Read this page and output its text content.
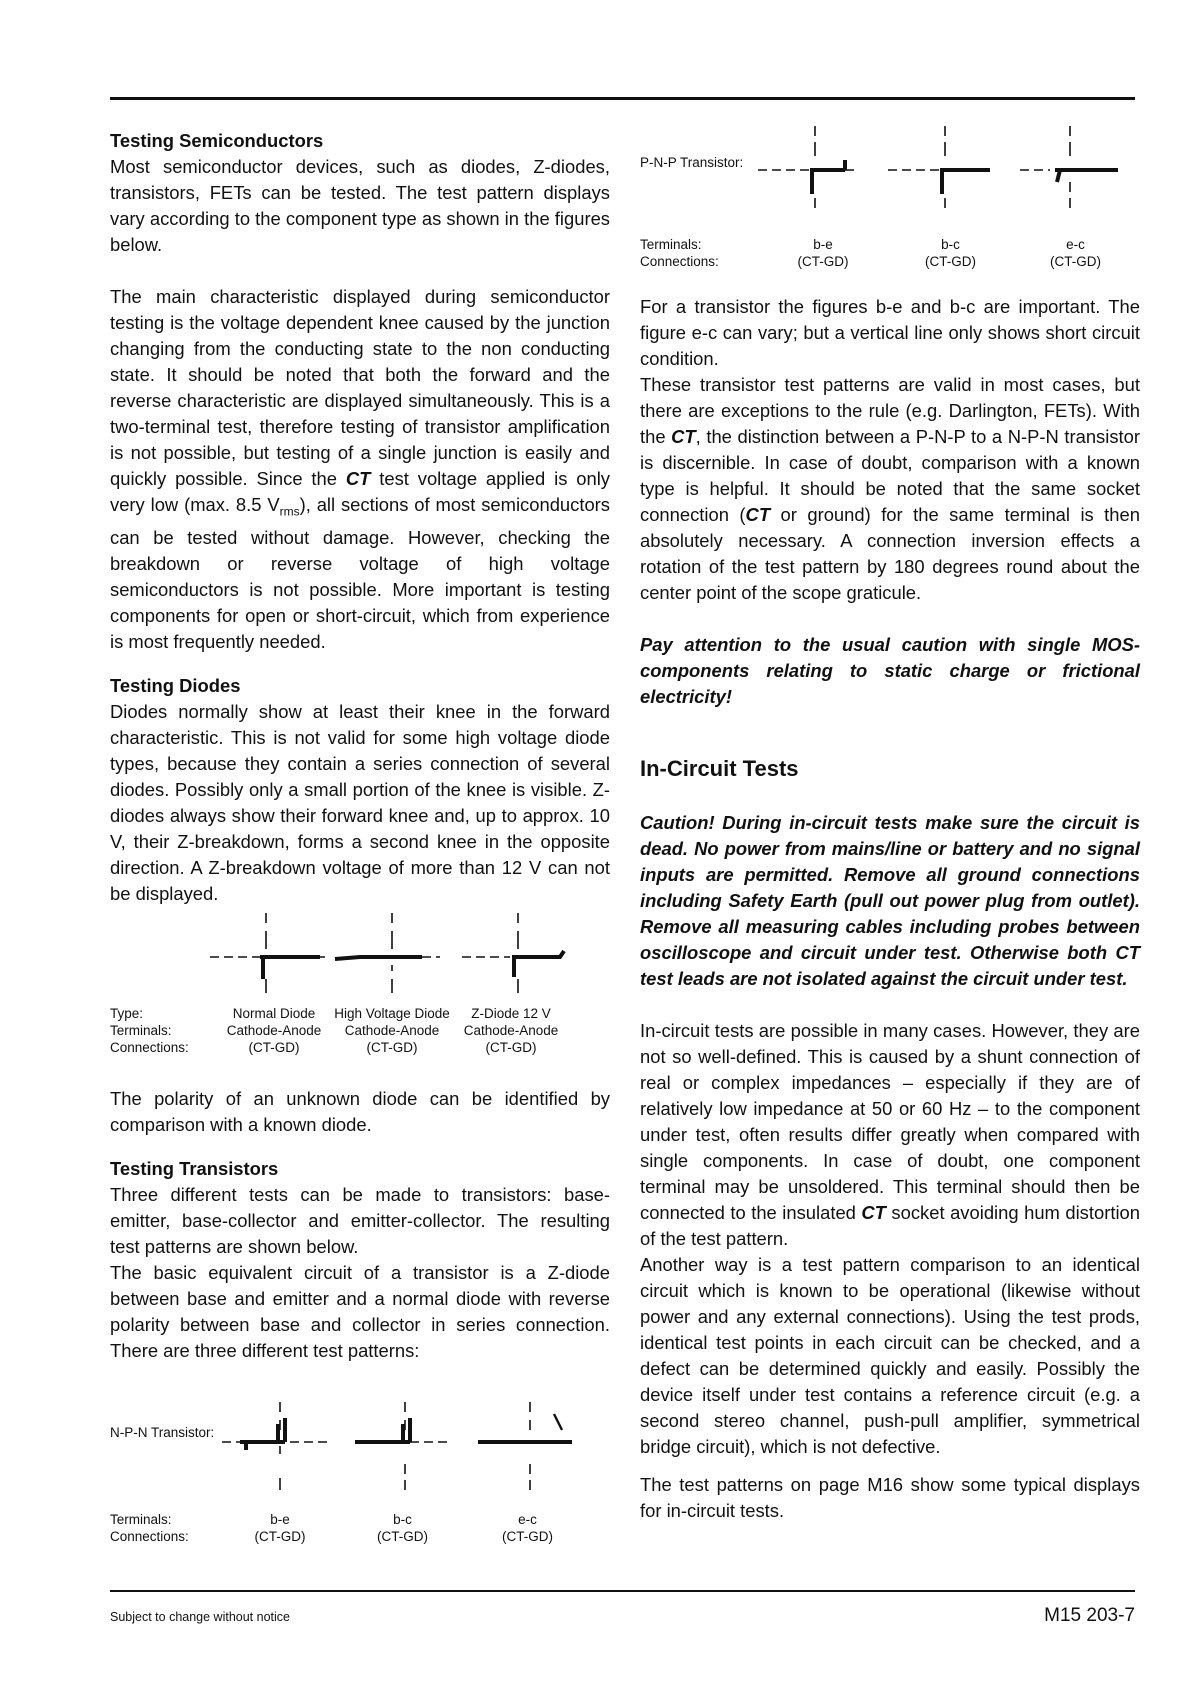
Testing Semiconductors

Most semiconductor devices, such as diodes, Z-diodes, transistors, FETs can be tested. The test pattern displays vary according to the component type as shown in the figures below.

The main characteristic displayed during semiconductor testing is the voltage dependent knee caused by the junction changing from the conducting state to the non conducting state. It should be noted that both the forward and the reverse characteristic are displayed simultaneously. This is a two-terminal test, therefore testing of transistor amplification is not possible, but testing of a single junction is easily and quickly possible. Since the CT test voltage applied is only very low (max. 8.5 $V_{rms}$), all sections of most semiconductors can be tested without damage. However, checking the breakdown or reverse voltage of high voltage semiconductors is not possible. More important is testing components for open or short-circuit, which from experience is most frequently needed.

Testing Diodes

Diodes normally show at least their knee in the forward characteristic. This is not valid for some high voltage diode types, because they contain a series connection of several diodes. Possibly only a small portion of the knee is visible. Z-diodes always show their forward knee and, up to approx. 10 V, their Z-breakdown, forms a second knee in the opposite direction. A Z-breakdown voltage of more than 12 V can not be displayed.

Type:	Normal Diode	High Voltage Diode	Z-Diode 12 V
Terminals:	Cathode-Anode	Cathode-Anode	Cathode-Anode
Connections:	(CT-GD)	(CT-GD)	(CT-GD)

The polarity of an unknown diode can be identified by comparison with a known diode.

Testing Transistors

Three different tests can be made to transistors: base-emitter, base-collector and emitter-collector. The resulting test patterns are shown below.

The basic equivalent circuit of a transistor is a Z-diode between base and emitter and a normal diode with reverse polarity between base and collector in series connection. There are three different test patterns:

N-P-N Transistor:
Terminals:	b-e	b-c	e-c
Connections:	(CT-GD)	(CT-GD)	(CT-GD)
P-N-P Transistor:
Terminals:	b-e	b-c	e-c
Connections:	(CT-GD)	(CT-GD)	(CT-GD)

For a transistor the figures b-e and b-c are important. The figure e-c can vary; but a vertical line only shows short circuit condition.

These transistor test patterns are valid in most cases, but there are exceptions to the rule (e.g. Darlington, FETs). With the CT, the distinction between a P-N-P to a N-P-N transistor is discernible. In case of doubt, comparison with a known type is helpful. It should be noted that the same socket connection (CT or ground) for the same terminal is then absolutely necessary. A connection inversion effects a rotation of the test pattern by 180 degrees round about the center point of the scope graticule.

Pay attention to the usual caution with single MOS-components relating to static charge or frictional electricity!

In-Circuit Tests

Caution! During in-circuit tests make sure the circuit is dead. No power from mains/line or battery and no signal inputs are permitted. Remove all ground connections including Safety Earth (pull out power plug from outlet). Remove all measuring cables including probes between oscilloscope and circuit under test. Otherwise both CT test leads are not isolated against the circuit under test.

In-circuit tests are possible in many cases. However, they are not so well-defined. This is caused by a shunt connection of real or complex impedances – especially if they are of relatively low impedance at 50 or 60 Hz – to the component under test, often results differ greatly when compared with single components. In case of doubt, one component terminal may be unsoldered. This terminal should then be connected to the insulated CT socket avoiding hum distortion of the test pattern.

Another way is a test pattern comparison to an identical circuit which is known to be operational (likewise without power and any external connections). Using the test prods, identical test points in each circuit can be checked, and a defect can be determined quickly and easily. Possibly the device itself under test contains a reference circuit (e.g. a second stereo channel, push-pull amplifier, symmetrical bridge circuit), which is not defective.

The test patterns on page M16 show some typical displays for in-circuit tests.

Subject to change without notice	M15 203-7
